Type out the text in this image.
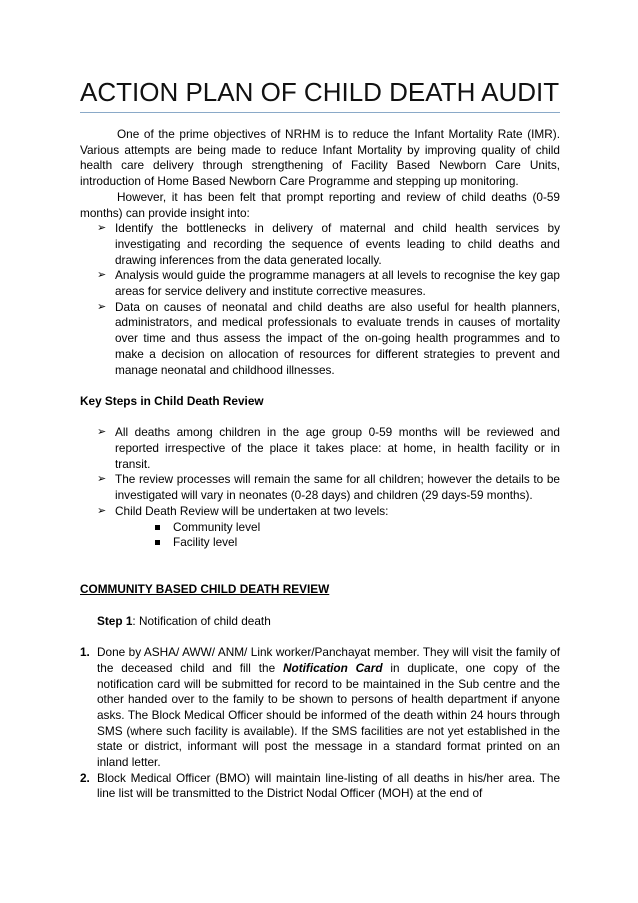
ACTION PLAN OF CHILD DEATH AUDIT

One of the prime objectives of NRHM is to reduce the Infant Mortality Rate (IMR). Various attempts are being made to reduce Infant Mortality by improving quality of child health care delivery through strengthening of Facility Based Newborn Care Units, introduction of Home Based Newborn Care Programme and stepping up monitoring.

However, it has been felt that prompt reporting and review of child deaths (0-59 months) can provide insight into:

➢ Identify the bottlenecks in delivery of maternal and child health services by investigating and recording the sequence of events leading to child deaths and drawing inferences from the data generated locally.
➢ Analysis would guide the programme managers at all levels to recognise the key gap areas for service delivery and institute corrective measures.
➢ Data on causes of neonatal and child deaths are also useful for health planners, administrators, and medical professionals to evaluate trends in causes of mortality over time and thus assess the impact of the on-going health programmes and to make a decision on allocation of resources for different strategies to prevent and manage neonatal and childhood illnesses.

Key Steps in Child Death Review

➢ All deaths among children in the age group 0-59 months will be reviewed and reported irrespective of the place it takes place: at home, in health facility or in transit.
➢ The review processes will remain the same for all children; however the details to be investigated will vary in neonates (0-28 days) and children (29 days-59 months).
➢ Child Death Review will be undertaken at two levels:
Community level
Facility level

COMMUNITY BASED CHILD DEATH REVIEW

Step 1: Notification of child death

1. Done by ASHA/ AWW/ ANM/ Link worker/Panchayat member. They will visit the family of the deceased child and fill the Notification Card in duplicate, one copy of the notification card will be submitted for record to be maintained in the Sub centre and the other handed over to the family to be shown to persons of health department if anyone asks. The Block Medical Officer should be informed of the death within 24 hours through SMS (where such facility is available). If the SMS facilities are not yet established in the state or district, informant will post the message in a standard format printed on an inland letter.
2. Block Medical Officer (BMO) will maintain line-listing of all deaths in his/her area. The line list will be transmitted to the District Nodal Officer (MOH) at the end of
